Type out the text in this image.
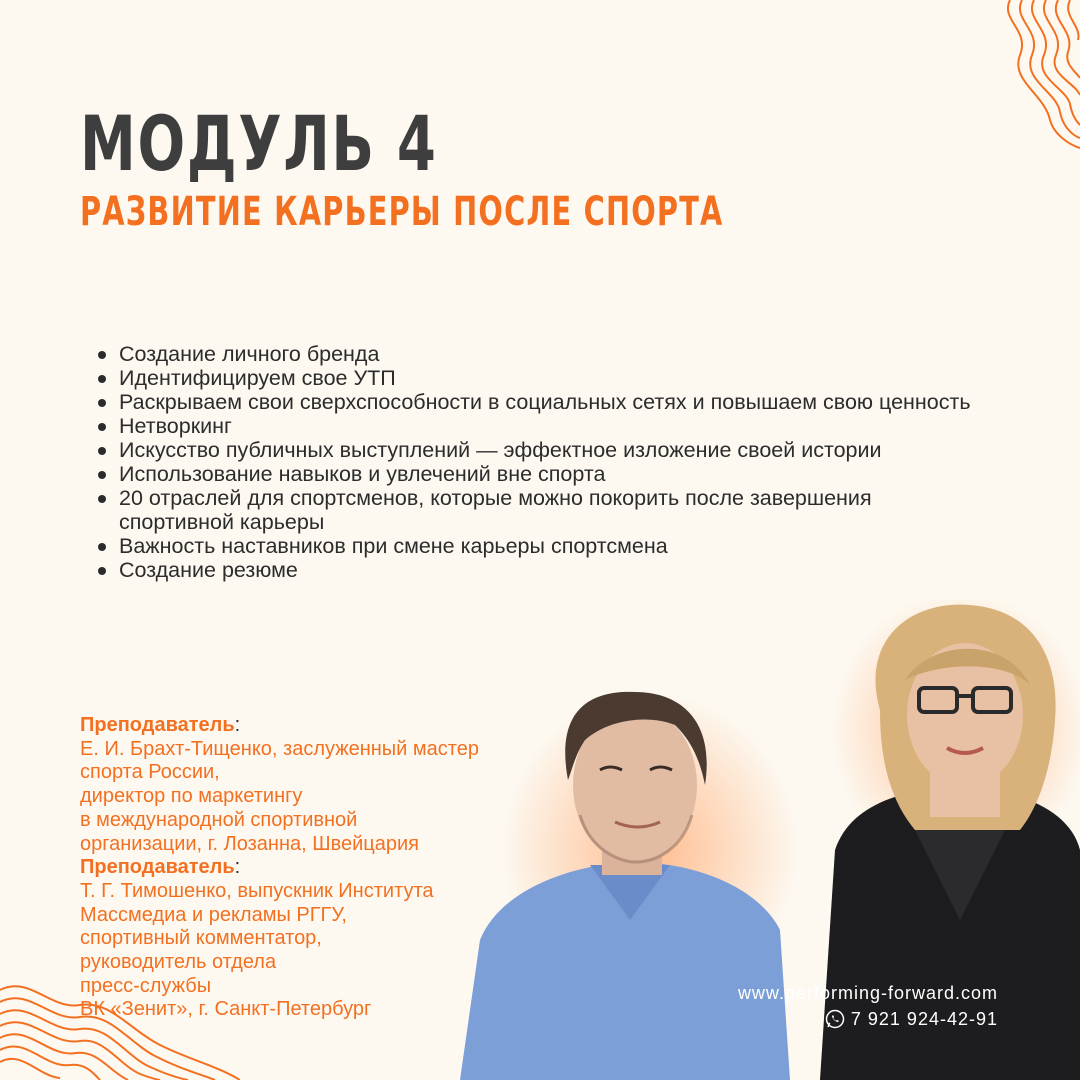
МОДУЛЬ 4
РАЗВИТИЕ КАРЬЕРЫ ПОСЛЕ СПОРТА
Создание личного бренда
Идентифицируем свое УТП
Раскрываем свои сверхспособности в социальных сетях и повышаем свою ценность
Нетворкинг
Искусство публичных выступлений — эффектное изложение своей истории
Использование навыков и увлечений вне спорта
20 отраслей для спортсменов, которые можно покорить после завершения спортивной карьеры
Важность наставников при смене карьеры спортсмена
Создание резюме
Преподаватель:
Е. И. Брахт-Тищенко, заслуженный мастер
спорта России,
директор по маркетингу
в международной спортивной
организации, г. Лозанна, Швейцария
Преподаватель:
Т. Г. Тимошенко, выпускник Института
Массмедиа и рекламы РГГУ,
спортивный комментатор,
руководитель отдела
пресс-службы
ВК «Зенит», г. Санкт-Петербург
www.performing-forward.com
7 921 924-42-91
